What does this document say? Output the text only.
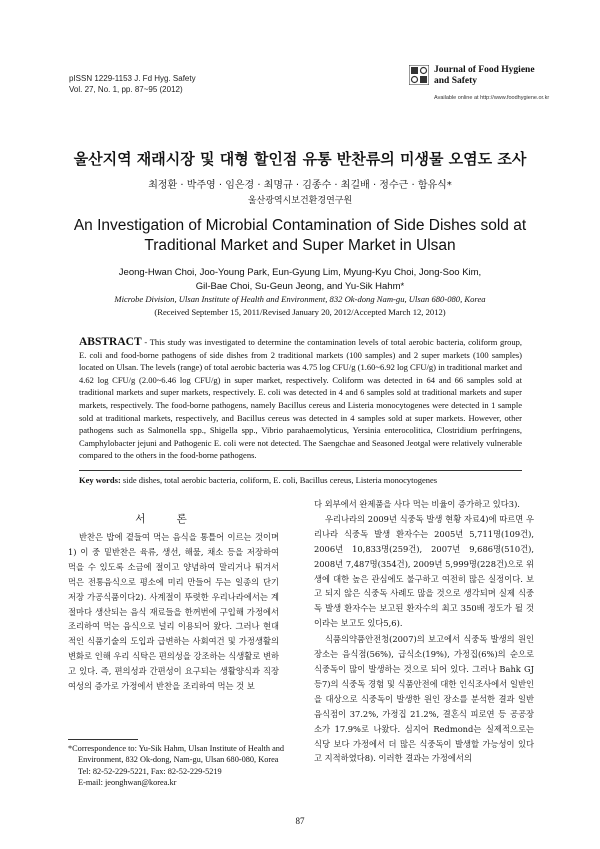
pISSN 1229-1153 J. Fd Hyg. Safety
Vol. 27, No. 1, pp. 87~95 (2012)
Journal of Food Hygiene
and Safety
Available online at http://www.foodhygiene.or.kr
울산지역 재래시장 및 대형 할인점 유통 반찬류의 미생물 오염도 조사
최정환 · 박주영 · 임은경 · 최명규 · 김종수 · 최길배 · 정수근 · 함유식*
울산광역시보건환경연구원
An Investigation of Microbial Contamination of Side Dishes sold at
Traditional Market and Super Market in Ulsan
Jeong-Hwan Choi, Joo-Young Park, Eun-Gyung Lim, Myung-Kyu Choi, Jong-Soo Kim,
Gil-Bae Choi, Su-Geun Jeong, and Yu-Sik Hahm*
Microbe Division, Ulsan Institute of Health and Environment, 832 Ok-dong Nam-gu, Ulsan 680-080, Korea
(Received September 15, 2011/Revised January 20, 2012/Accepted March 12, 2012)
ABSTRACT - This study was investigated to determine the contamination levels of total aerobic bacteria, coliform group, E. coli and food-borne pathogens of side dishes from 2 traditional markets (100 samples) and 2 super markets (100 samples) located on Ulsan. The levels (range) of total aerobic bacteria was 4.75 log CFU/g (1.60~6.92 log CFU/g) in traditional market and 4.62 log CFU/g (2.00~6.46 log CFU/g) in super market, respectively. Coliform was detected in 64 and 66 samples sold at traditional markets and super markets, respectively. E. coli was detected in 4 and 6 samples sold at traditional markets and super markets, respectively. The food-borne pathogens, namely Bacillus cereus and Listeria monocytogenes were detected in 1 sample sold at traditional markets, respectively, and Bacillus cereus was detected in 4 samples sold at super markets. However, other pathogens such as Salmonella spp., Shigella spp., Vibrio parahaemolyticus, Yersinia enterocolitica, Clostridium perfringens, Camphylobacter jejuni and Pathogenic E. coli were not detected. The Saengchae and Seasoned Jeotgal were relatively vulnerable compared to the others in the food-borne pathogens.
Key words: side dishes, total aerobic bacteria, coliform, E. coli, Bacillus cereus, Listeria monocytogenes
서 론

반찬은 밥에 곁들여 먹는 음식을 통틀어 이르는 것이며1) 이 중 밑반찬은 육류, 생선, 해물, 채소 등을 저장하여 먹을 수 있도록 소금에 절이고 양념하여 말리거나 튀겨서 먹은 전통음식으로 평소에 미리 만들어 두는 일종의 단기 저장 가공식품이다2). 사계절이 뚜렷한 우리나라에서는 계절마다 생산되는 음식 재료들을 한꺼번에 구입해 가정에서 조리하여 먹는 음식으로 널리 이용되어 왔다. 그러나 현대적인 식품기술의 도입과 급변하는 사회여건 및 가정생활의 변화로 인해 우리 식탁은 편의성을 강조하는 식생활로 변하고 있다. 즉, 편의성과 간편성이 요구되는 생활양식과 직장여성의 증가로 가정에서 반찬을 조리하여 먹는 것 보

다 외부에서 완제품을 사다 먹는 비율이 증가하고 있다3).

우리나라의 2009년 식중독 발생 현황 자료4)에 따르면 우리나라 식중독 발생 환자수는 2005년 5,711명(109건), 2006년 10,833명(259건), 2007년 9,686명(510건), 2008년 7,487명(354건), 2009년 5,999명(228건)으로 위생에 대한 높은 관심에도 불구하고 여전히 많은 실정이다. 보고 되지 않은 식중독 사례도 많을 것으로 생각되며 실제 식중독 발생 환자수는 보고된 환자수의 최고 350배 정도가 될 것이라는 보고도 있다5,6).

식품의약품안전청(2007)의 보고에서 식중독 발생의 원인 장소는 음식점(56%), 급식소(19%), 가정집(6%)의 순으로 식중독이 많이 발생하는 것으로 되어 있다. 그러나 Bahk GJ 등7)의 식중독 경험 및 식품안전에 대한 인식조사에서 일반인을 대상으로 식중독이 발생한 원인 장소를 분석한 결과 일반음식점이 37.2%, 가정집 21.2%, 결혼식 피로연 등 공공장소가 17.9%로 나왔다. 심지어 Redmond는 실제적으로는 식당 보다 가정에서 더 많은 식중독이 발생할 가능성이 있다고 지적하였다8). 이러한 결과는 가정에서의

*Correspondence to: Yu-Sik Hahm, Ulsan Institute of Health and
Environment, 832 Ok-dong, Nam-gu, Ulsan 680-080, Korea
Tel: 82-52-229-5221, Fax: 82-52-229-5219
E-mail: jeonghwan@korea.kr
87
